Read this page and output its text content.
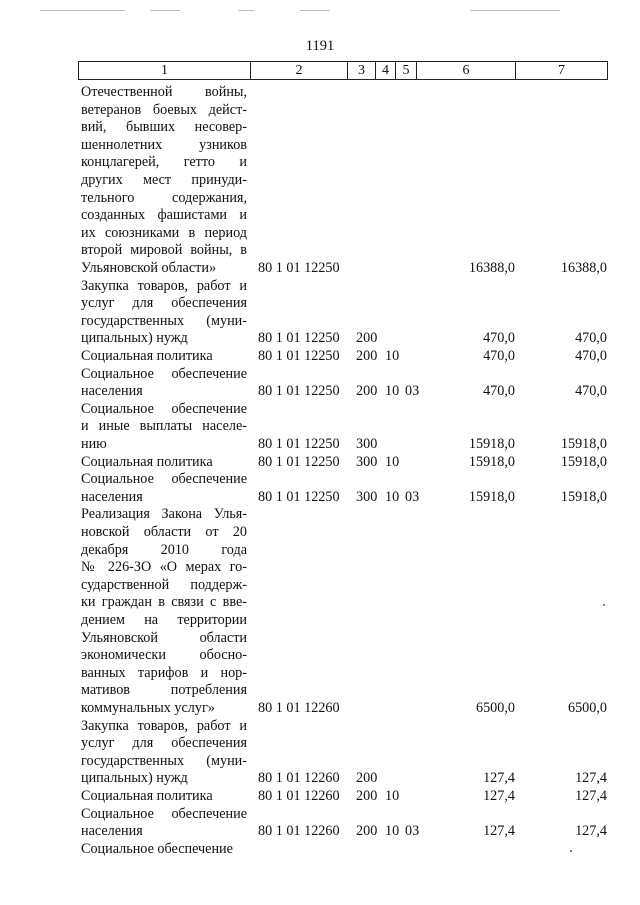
1191
1	2	3	4 5	6	7
Отечественной войны,
ветеранов боевых дейст-
вий, бывших несовер-
шеннолетних узников
концлагерей, гетто и
других мест принуди-
тельного содержания,
созданных фашистами и
их союзниками в период
второй мировой войны, в
Ульяновской области»	80 1 01 12250	16388,0	16388,0
Закупка товаров, работ и
услуг для обеспечения
государственных (муни-
ципальных) нужд	80 1 01 12250 200	470,0	470,0
Социальная политика	80 1 01 12250 200 10	470,0	470,0
Социальное обеспечение
населения	80 1 01 12250 200 10 03	470,0	470,0
Социальное обеспечение
и иные выплаты населе-
нию	80 1 01 12250 300	15918,0	15918,0
Социальная политика	80 1 01 12250 300 10	15918,0	15918,0
Социальное обеспечение
населения	80 1 01 12250 300 10 03	15918,0	15918,0
Реализация Закона Улья-
новской области от 20
декабря 2010 года
№ 226-ЗО «О мерах го-
сударственной поддерж-
ки граждан в связи с вве-
дением на территории
Ульяновской области
экономически обосно-
ванных тарифов и нор-
мативов потребления
коммунальных услуг»	80 1 01 12260	6500,0	6500,0
Закупка товаров, работ и
услуг для обеспечения
государственных (муни-
ципальных) нужд	80 1 01 12260 200	127,4	127,4
Социальная политика	80 1 01 12260 200 10	127,4	127,4
Социальное обеспечение
населения	80 1 01 12260 200 10 03	127,4	127,4
Социальное обеспечение
